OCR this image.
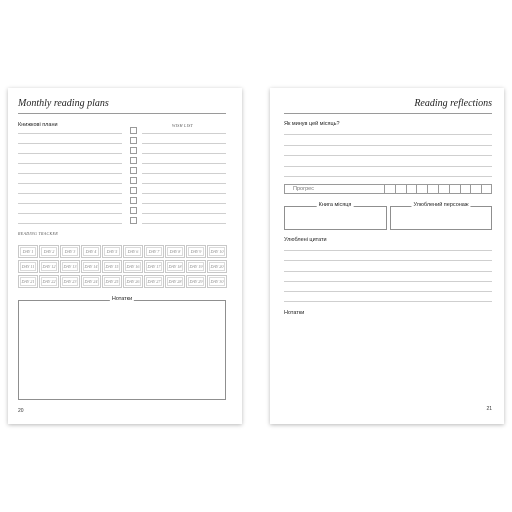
Monthly reading plans
Книжкові плани	WISH LIST
READING TRACKER
Нотатки
20
DAY 1	DAY 2	DAY 3	DAY 4	DAY 5	DAY 6	DAY 7	DAY 8	DAY 9	DAY 10
DAY 11	DAY 12	DAY 13	DAY 14	DAY 15	DAY 16	DAY 17	DAY 18	DAY 19	DAY 20
DAY 21	DAY 22	DAY 23	DAY 24	DAY 25	DAY 26	DAY 27	DAY 28	DAY 29	DAY 30
Reading reflections
Як минув цей місяць?
Прогрес
Книга місяця	Улюблений персонаж
Улюблені цитати
Нотатки
21
